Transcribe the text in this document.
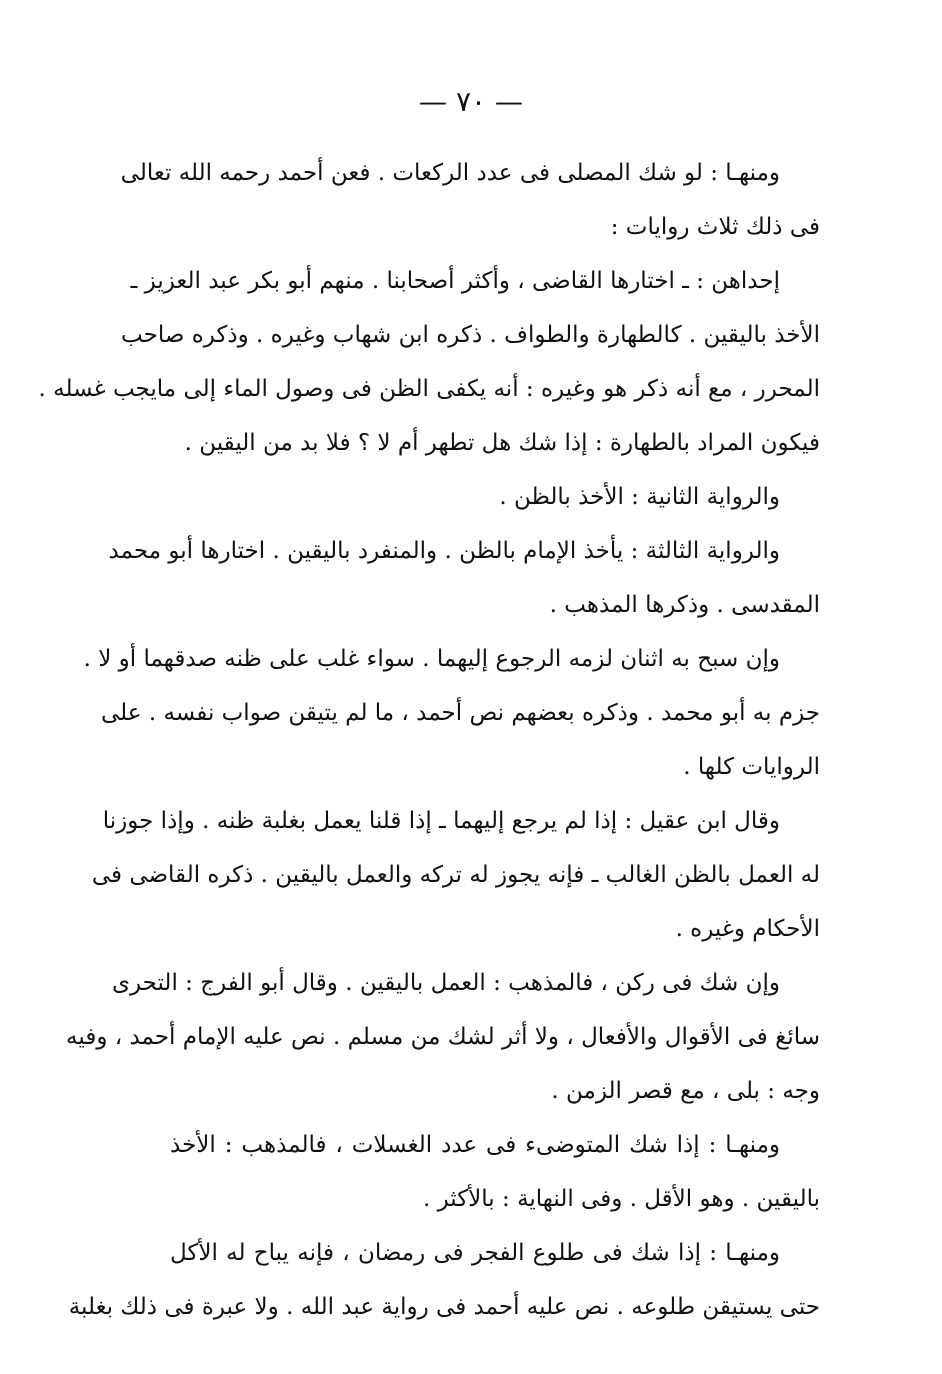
— ٧٠ —
ومنهـا : لو شك المصلى فى عدد الركعات . فعن أحمد رحمه الله تعالى
فى ذلك ثلاث روايات :
إحداهن : ـ اختارها القاضى ، وأكثر أصحابنا . منهم أبو بكر عبد العزيز ـ
الأخذ باليقين . كالطهارة والطواف . ذكره ابن شهاب وغيره . وذكره صاحب
المحرر ، مع أنه ذكر هو وغيره : أنه يكفى الظن فى وصول الماء إلى مايجب غسله .
فيكون المراد بالطهارة : إذا شك هل تطهر أم لا ؟ فلا بد من اليقين .
والرواية الثانية : الأخذ بالظن .
والرواية الثالثة : يأخذ الإمام بالظن . والمنفرد باليقين . اختارها أبو محمد
المقدسى . وذكرها المذهب .
وإن سبح به اثنان لزمه الرجوع إليهما . سواء غلب على ظنه صدقهما أو لا .
جزم به أبو محمد . وذكره بعضهم نص أحمد ، ما لم يتيقن صواب نفسه . على
الروايات كلها .
وقال ابن عقيل : إذا لم يرجع إليهما ـ إذا قلنا يعمل بغلبة ظنه . وإذا جوزنا
له العمل بالظن الغالب ـ فإنه يجوز له تركه والعمل باليقين . ذكره القاضى فى
الأحكام وغيره .
وإن شك فى ركن ، فالمذهب : العمل باليقين . وقال أبو الفرج : التحرى
سائغ فى الأقوال والأفعال ، ولا أثر لشك من مسلم . نص عليه الإمام أحمد ، وفيه
وجه : بلى ، مع قصر الزمن .
ومنهـا : إذا شك المتوضىء فى عدد الغسلات ، فالمذهب : الأخذ
باليقين . وهو الأقل . وفى النهاية : بالأكثر .
ومنهـا : إذا شك فى طلوع الفجر فى رمضان ، فإنه يباح له الأكل
حتى يستيقن طلوعه . نص عليه أحمد فى رواية عبد الله . ولا عبرة فى ذلك بغلبة
